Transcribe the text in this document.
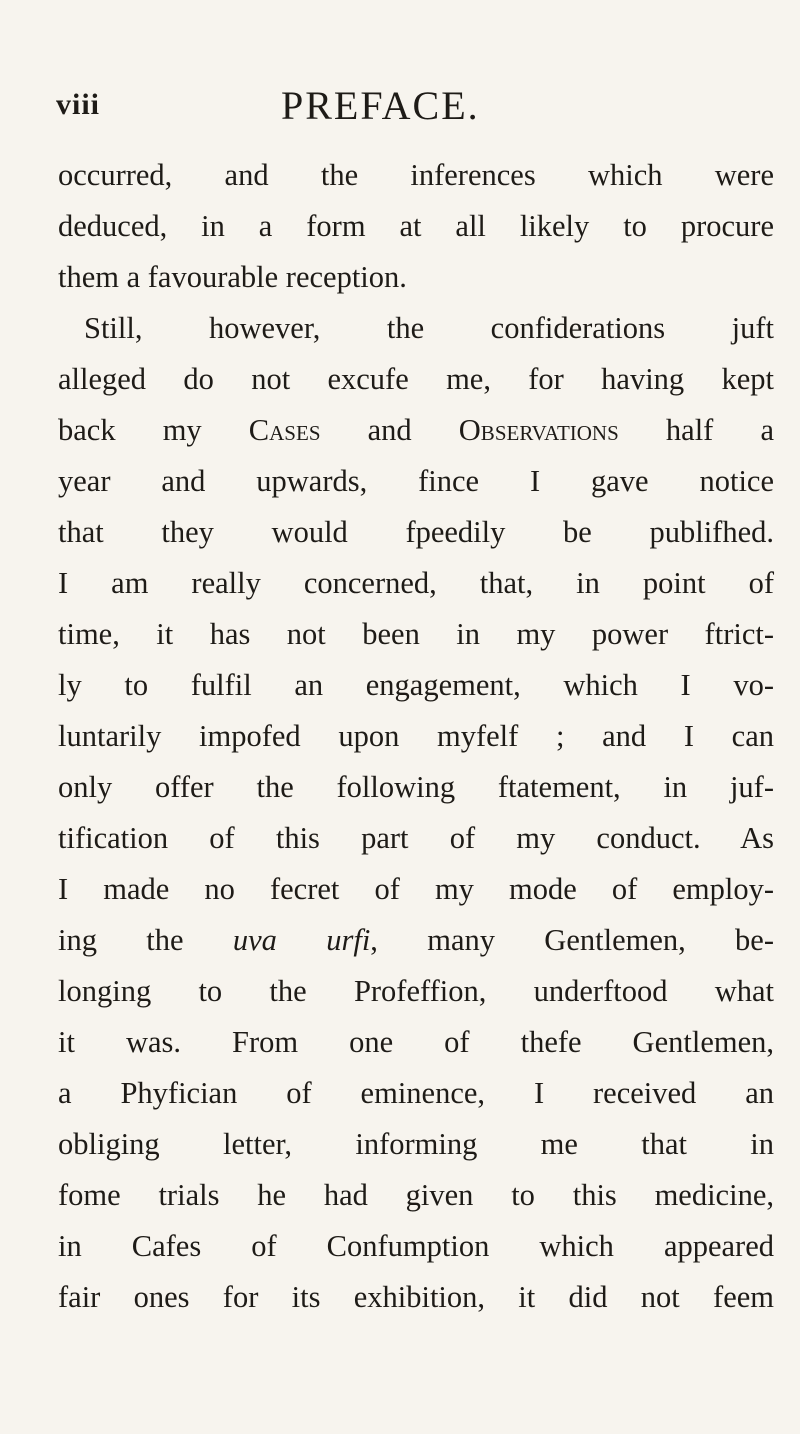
viii	PREFACE.
occurred, and the inferences which were
deduced, in a form at all likely to procure
them a favourable reception.
Still, however, the confiderations juft
alleged do not excufe me, for having kept
back my Cases and Observations half a
year and upwards, fince I gave notice
that they would fpeedily be publifhed.
I am really concerned, that, in point of
time, it has not been in my power ftrict-
ly to fulfil an engagement, which I vo-
luntarily impofed upon myfelf ; and I can
only offer the following ftatement, in juf-
tification of this part of my conduct. As
I made no fecret of my mode of employ-
ing the uva urfi, many Gentlemen, be-
longing to the Profeffion, underftood what
it was. From one of thefe Gentlemen,
a Phyfician of eminence, I received an
obliging letter, informing me that in
fome trials he had given to this medicine,
in Cafes of Confumption which appeared
fair ones for its exhibition, it did not feem
